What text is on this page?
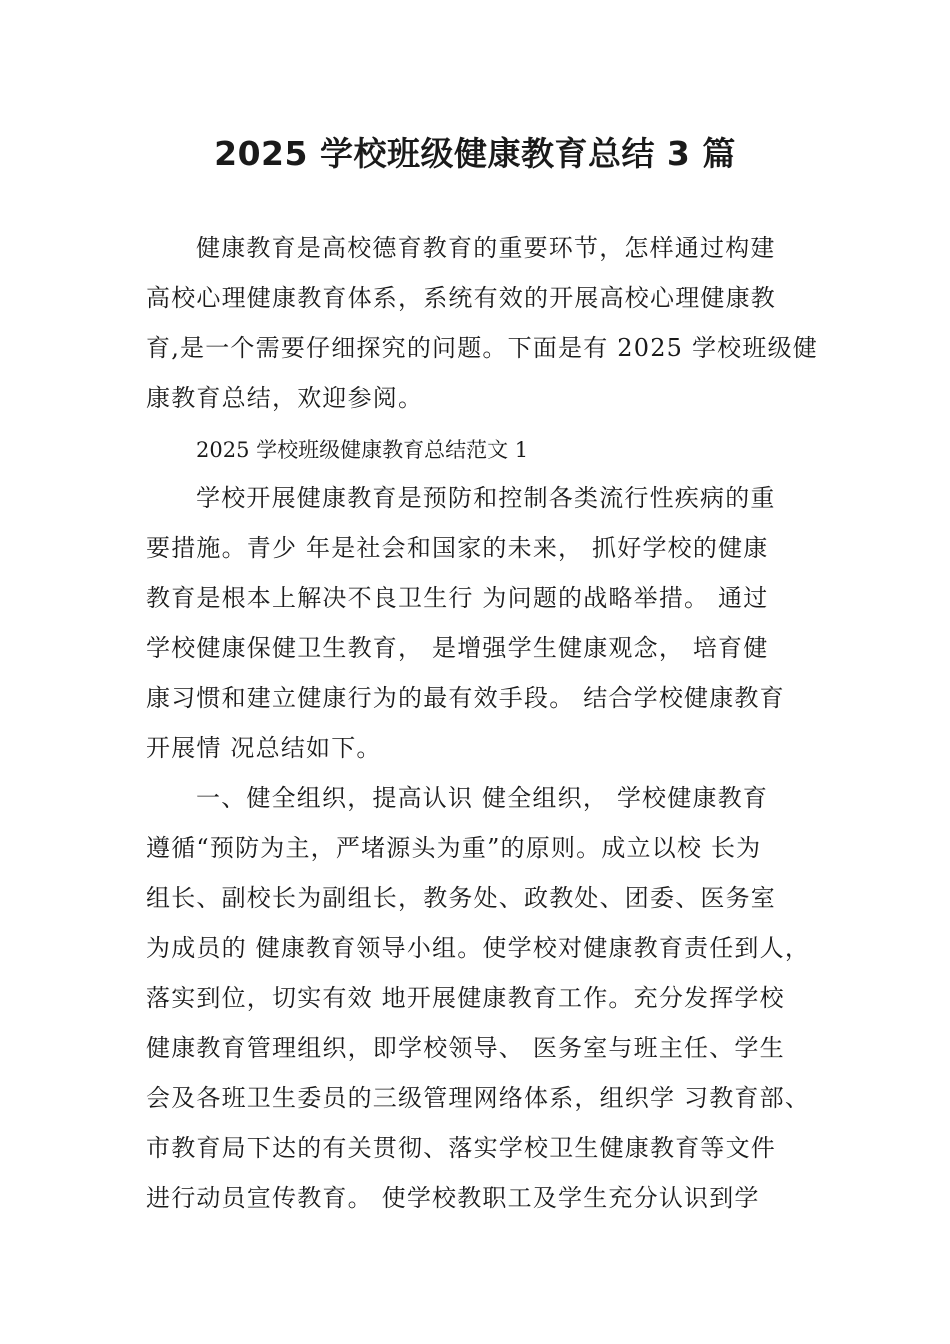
2025 学校班级健康教育总结 3 篇
健康教育是高校德育教育的重要环节，怎样通过构建
高校心理健康教育体系，系统有效的开展高校心理健康教
育,是一个需要仔细探究的问题。下面是有 2025 学校班级健
康教育总结，欢迎参阅。
2025 学校班级健康教育总结范文 1
学校开展健康教育是预防和控制各类流行性疾病的重
要措施。青少 年是社会和国家的未来， 抓好学校的健康
教育是根本上解决不良卫生行 为问题的战略举措。 通过
学校健康保健卫生教育， 是增强学生健康观念， 培育健
康习惯和建立健康行为的最有效手段。 结合学校健康教育
开展情 况总结如下。
一、健全组织，提高认识 健全组织， 学校健康教育
遵循“预防为主，严堵源头为重”的原则。成立以校 长为
组长、副校长为副组长，教务处、政教处、团委、医务室
为成员的 健康教育领导小组。使学校对健康教育责任到人，
落实到位，切实有效 地开展健康教育工作。充分发挥学校
健康教育管理组织，即学校领导、 医务室与班主任、学生
会及各班卫生委员的三级管理网络体系，组织学 习教育部、
市教育局下达的有关贯彻、落实学校卫生健康教育等文件
进行动员宣传教育。 使学校教职工及学生充分认识到学
